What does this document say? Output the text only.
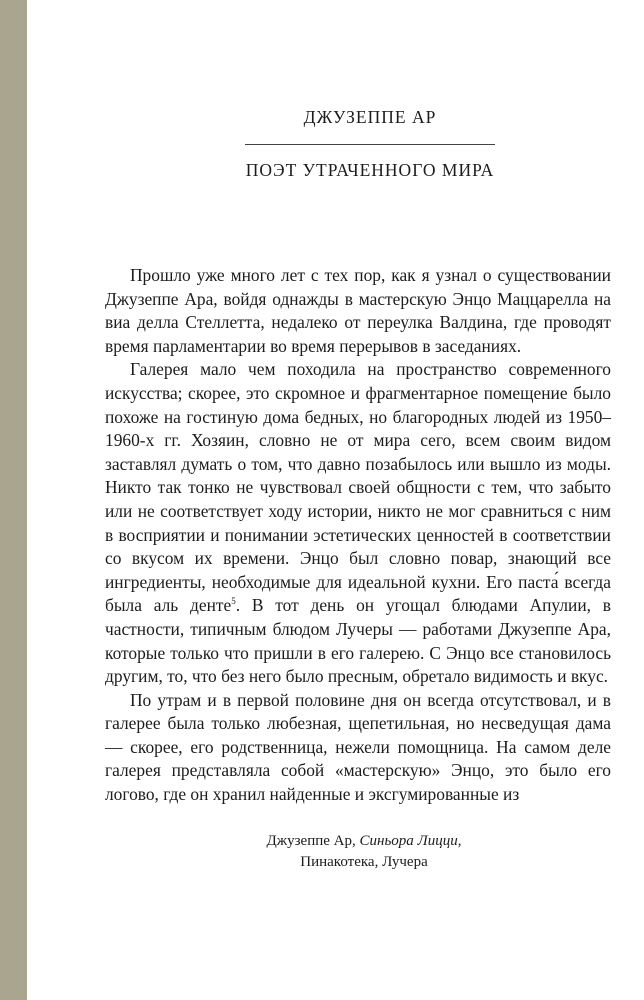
ДЖУЗЕППЕ АР
ПОЭТ УТРАЧЕННОГО МИРА

Прошло уже много лет с тех пор, как я узнал о существовании Джузеппе Ара, войдя однажды в мастерскую Энцо Маццарелла на виа делла Стеллетта, недалеко от переулка Валдина, где проводят время парламентарии во время перерывов в заседаниях.

Галерея мало чем походила на пространство современного искусства; скорее, это скромное и фрагментарное помещение было похоже на гостиную дома бедных, но благородных людей из 1950–1960-х гг. Хозяин, словно не от мира сего, всем своим видом заставлял думать о том, что давно позабылось или вышло из моды. Никто так тонко не чувствовал своей общности с тем, что забыто или не соответствует ходу истории, никто не мог сравниться с ним в восприятии и понимании эстетических ценностей в соответствии со вкусом их времени. Энцо был словно повар, знающий все ингредиенты, необходимые для идеальной кухни. Его паста́ всегда была аль денте$^5$. В тот день он угощал блюдами Апулии, в частности, типичным блюдом Лучеры — работами Джузеппе Ара, которые только что пришли в его галерею. С Энцо все становилось другим, то, что без него было пресным, обретало видимость и вкус.

По утрам и в первой половине дня он всегда отсутствовал, и в галерее была только любезная, щепетильная, но несведущая дама — скорее, его родственница, нежели помощница. На самом деле галерея представляла собой «мастерскую» Энцо, это было его логово, где он хранил найденные и эксгумированные из

Джузеппе Ар, Синьора Лицци,
Пинакотека, Лучера
